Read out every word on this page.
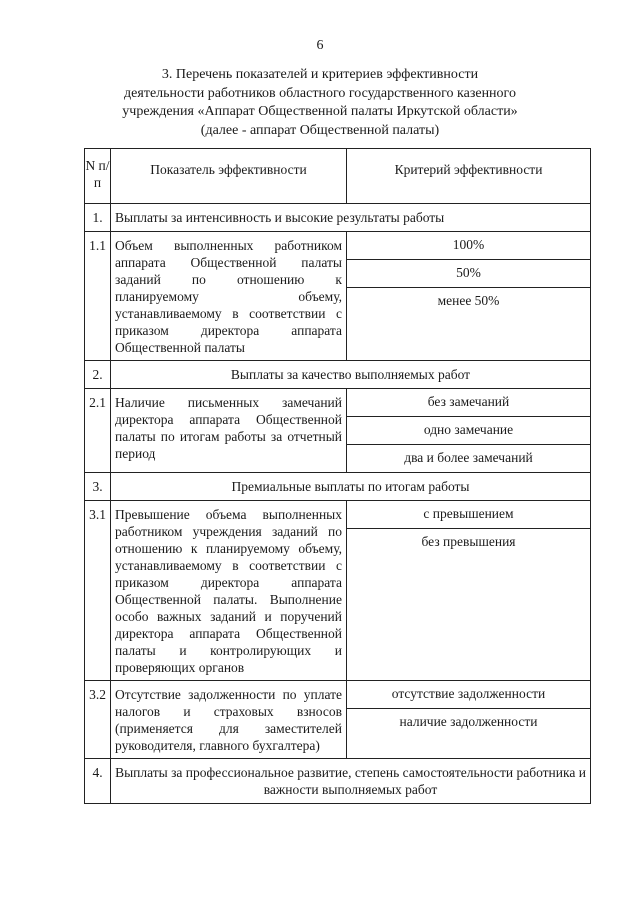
6
3. Перечень показателей и критериев эффективности
деятельности работников областного государственного казенного
учреждения «Аппарат Общественной палаты Иркутской области»
(далее - аппарат Общественной палаты)
N п/п	Показатель эффективности	Критерий эффективности
1.	Выплаты за интенсивность и высокие результаты работы	
1.1	Объем выполненных работником аппарата Общественной палаты заданий по отношению к планируемому объему, устанавливаемому в соответствии с приказом директора аппарата Общественной палаты	100%
50%
менее 50%

2.	Выплаты за качество выполняемых работ	
2.1	Наличие письменных замечаний директора аппарата Общественной палаты по итогам работы за отчетный период	без замечаний
одно замечание
два и более замечаний

3.	Премиальные выплаты по итогам работы	
3.1	Превышение объема выполненных работником учреждения заданий по отношению к планируемому объему, устанавливаемому в соответствии с приказом директора аппарата Общественной палаты. Выполнение особо важных заданий и поручений директора аппарата Общественной палаты и контролирующих и проверяющих органов	с превышением
без превышения

3.2	Отсутствие задолженности по уплате налогов и страховых взносов (применяется для заместителей руководителя, главного бухгалтера)	отсутствие задолженности
наличие задолженности

4.	Выплаты за профессиональное развитие, степень самостоятельности работника и важности выполняемых работ	
